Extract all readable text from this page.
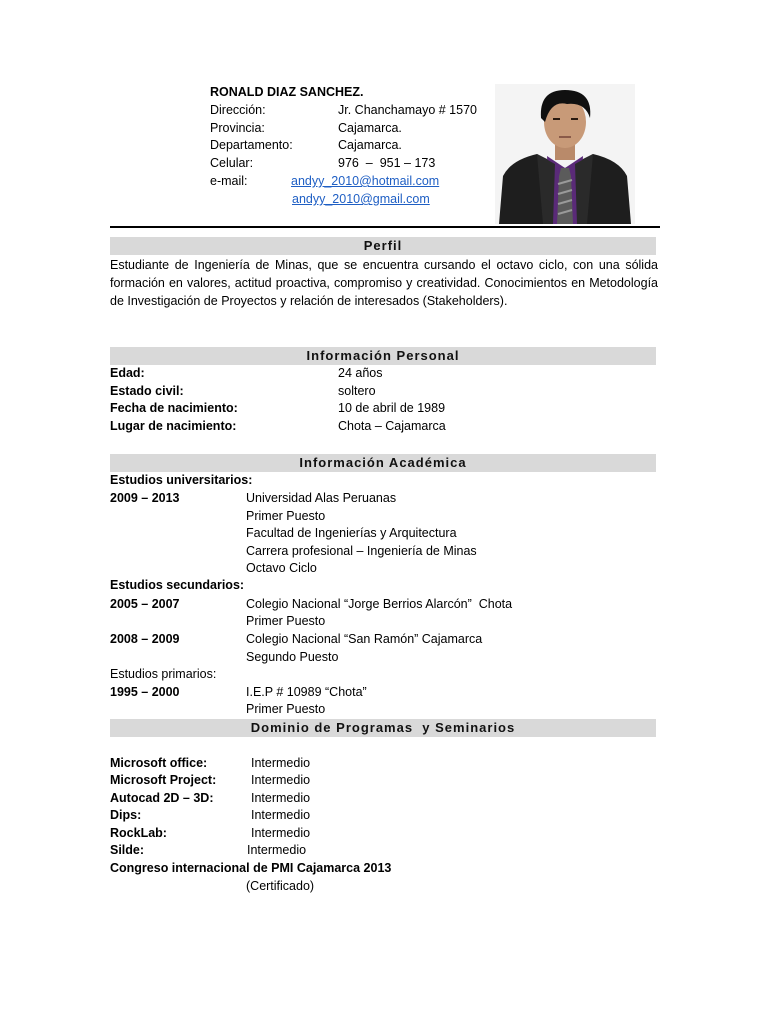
RONALD DIAZ SANCHEZ.
Dirección:	Jr. Chanchamayo # 1570
Provincia:	Cajamarca.
Departamento:	Cajamarca.
Celular:	976  –  951 – 173
e-mail:	andyy_2010@hotmail.com
andyy_2010@gmail.com
Perfil
Estudiante de Ingeniería de Minas, que se encuentra cursando el octavo ciclo, con una sólida formación en valores, actitud proactiva, compromiso y creatividad. Conocimientos en Metodología de Investigación de Proyectos y relación de interesados (Stakeholders).
Información Personal
Edad:	24 años
Estado civil:	soltero
Fecha de nacimiento:	10 de abril de 1989
Lugar de nacimiento:	Chota – Cajamarca
Información Académica
Estudios universitarios:
2009 – 2013	Universidad Alas Peruanas
Primer Puesto
Facultad de Ingenierías y Arquitectura
Carrera profesional – Ingeniería de Minas
Octavo Ciclo
Estudios secundarios:
2005 – 2007	Colegio Nacional “Jorge Berrios Alarcón”  Chota
Primer Puesto
2008 – 2009	Colegio Nacional “San Ramón” Cajamarca
Segundo Puesto
Estudios primarios:
1995 – 2000	I.E.P # 10989 “Chota”
Primer Puesto
Dominio de Programas  y Seminarios
Microsoft office:	Intermedio
Microsoft Project:	Intermedio
Autocad 2D – 3D:	Intermedio
Dips:	Intermedio
RockLab:	Intermedio
Silde:	Intermedio
Congreso internacional de PMI Cajamarca 2013
(Certificado)
